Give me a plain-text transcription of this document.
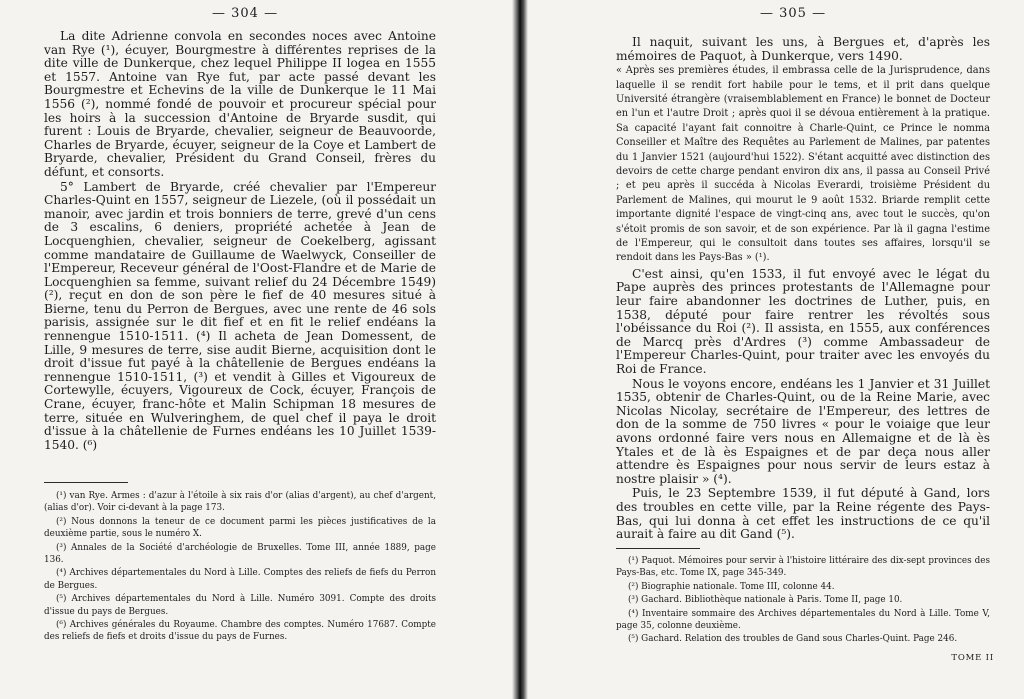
— 304 —

La dite Adrienne convola en secondes noces avec Antoine van Rye (¹), écuyer, Bourgmestre à différentes reprises de la dite ville de Dunkerque, chez lequel Philippe II logea en 1555 et 1557. Antoine van Rye fut, par acte passé devant les Bourgmestre et Echevins de la ville de Dunkerque le 11 Mai 1556 (²), nommé fondé de pouvoir et procureur spécial pour les hoirs à la succession d'Antoine de Bryarde susdit, qui furent : Louis de Bryarde, chevalier, seigneur de Beauvoorde, Charles de Bryarde, écuyer, seigneur de la Coye et Lambert de Bryarde, chevalier, Président du Grand Conseil, frères du défunt, et consorts.

5° Lambert de Bryarde, créé chevalier par l'Empereur Charles-Quint en 1557, seigneur de Liezele, (où il possédait un manoir, avec jardin et trois bonniers de terre, grevé d'un cens de 3 escalins, 6 deniers, propriété achetée à Jean de Locquenghien, chevalier, seigneur de Coekelberg, agissant comme mandataire de Guillaume de Waelwyck, Conseiller de l'Empereur, Receveur général de l'Oost-Flandre et de Marie de Locquenghien sa femme, suivant relief du 24 Décembre 1549) (²), reçut en don de son père le fief de 40 mesures situé à Bierne, tenu du Perron de Bergues, avec une rente de 46 sols parisis, assignée sur le dit fief et en fit le relief endéans la rennengue 1510-1511. (⁴) Il acheta de Jean Domessent, de Lille, 9 mesures de terre, sise audit Bierne, acquisition dont le droit d'issue fut payé à la châtellenie de Bergues endéans la rennengue 1510-1511, (³) et vendit à Gilles et Vigoureux de Cortewylle, écuyers, Vigoureux de Cock, écuyer, François de Crane, écuyer, franc-hôte et Malin Schipman 18 mesures de terre, située en Wulveringhem, de quel chef il paya le droit d'issue à la châtellenie de Furnes endéans les 10 Juillet 1539-1540. (⁶)

(¹) van Rye. Armes : d'azur à l'étoile à six rais d'or (alias d'argent), au chef d'argent, (alias d'or). Voir ci-devant à la page 173.

(²) Nous donnons la teneur de ce document parmi les pièces justificatives de la deuxième partie, sous le numéro X.

(³) Annales de la Société d'archéologie de Bruxelles. Tome III, année 1889, page 136.

(⁴) Archives départementales du Nord à Lille. Comptes des reliefs de fiefs du Perron de Bergues.

(⁵) Archives départementales du Nord à Lille. Numéro 3091. Compte des droits d'issue du pays de Bergues.

(⁶) Archives générales du Royaume. Chambre des comptes. Numéro 17687. Compte des reliefs de fiefs et droits d'issue du pays de Furnes.

— 305 —

Il naquit, suivant les uns, à Bergues et, d'après les mémoires de Paquot, à Dunkerque, vers 1490.

« Après ses premières études, il embrassa celle de la Jurisprudence, dans laquelle il se rendit fort habile pour le tems, et il prit dans quelque Université étrangère (vraisemblablement en France) le bonnet de Docteur en l'un et l'autre Droit ; après quoi il se dévoua entièrement à la pratique. Sa capacité l'ayant fait connoitre à Charle-Quint, ce Prince le nomma Conseiller et Maître des Requêtes au Parlement de Malines, par patentes du 1 Janvier 1521 (aujourd'hui 1522). S'étant acquitté avec distinction des devoirs de cette charge pendant environ dix ans, il passa au Conseil Privé ; et peu après il succéda à Nicolas Everardi, troisième Président du Parlement de Malines, qui mourut le 9 août 1532. Briarde remplit cette importante dignité l'espace de vingt-cinq ans, avec tout le succès, qu'on s'étoit promis de son savoir, et de son expérience. Par là il gagna l'estime de l'Empereur, qui le consultoit dans toutes ses affaires, lorsqu'il se rendoit dans les Pays-Bas » (¹).

C'est ainsi, qu'en 1533, il fut envoyé avec le légat du Pape auprès des princes protestants de l'Allemagne pour leur faire abandonner les doctrines de Luther, puis, en 1538, député pour faire rentrer les révoltés sous l'obéissance du Roi (²). Il assista, en 1555, aux conférences de Marcq près d'Ardres (³) comme Ambassadeur de l'Empereur Charles-Quint, pour traiter avec les envoyés du Roi de France.

Nous le voyons encore, endéans les 1 Janvier et 31 Juillet 1535, obtenir de Charles-Quint, ou de la Reine Marie, avec Nicolas Nicolay, secrétaire de l'Empereur, des lettres de don de la somme de 750 livres « pour le voiaige que leur avons ordonné faire vers nous en Allemaigne et de là ès Ytales et de là ès Espaignes et de par deça nous aller attendre ès Espaignes pour nous servir de leurs estaz à nostre plaisir » (⁴).

Puis, le 23 Septembre 1539, il fut député à Gand, lors des troubles en cette ville, par la Reine régente des Pays-Bas, qui lui donna à cet effet les instructions de ce qu'il aurait à faire au dit Gand (⁵).

(¹) Paquot. Mémoires pour servir à l'histoire littéraire des dix-sept provinces des Pays-Bas, etc. Tome IX, page 345-349.

(²) Biographie nationale. Tome III, colonne 44.

(³) Gachard. Bibliothèque nationale à Paris. Tome II, page 10.

(⁴) Inventaire sommaire des Archives départementales du Nord à Lille. Tome V, page 35, colonne deuxième.

(⁵) Gachard. Relation des troubles de Gand sous Charles-Quint. Page 246.

TOME II
